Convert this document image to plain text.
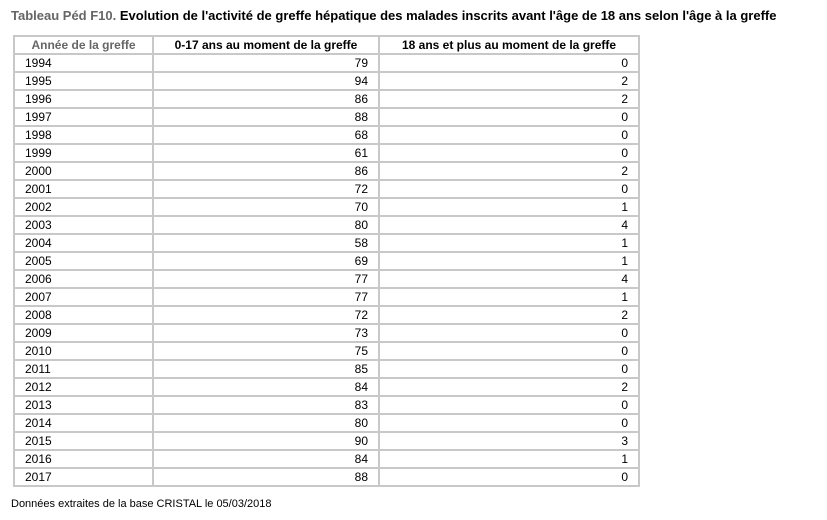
Tableau Péd F10. Evolution de l'activité de greffe hépatique des malades inscrits avant l'âge de 18 ans selon l'âge à la greffe
Année de la greffe	0-17 ans au moment de la greffe	18 ans et plus au moment de la greffe
1994	79	0
1995	94	2
1996	86	2
1997	88	0
1998	68	0
1999	61	0
2000	86	2
2001	72	0
2002	70	1
2003	80	4
2004	58	1
2005	69	1
2006	77	4
2007	77	1
2008	72	2
2009	73	0
2010	75	0
2011	85	0
2012	84	2
2013	83	0
2014	80	0
2015	90	3
2016	84	1
2017	88	0
Données extraites de la base CRISTAL le 05/03/2018
